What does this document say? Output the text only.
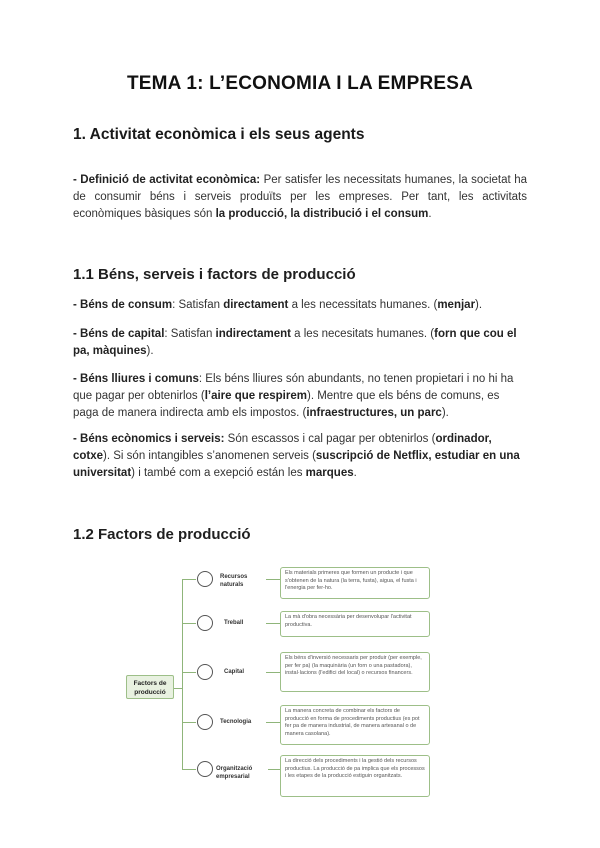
TEMA 1: L’ECONOMIA I LA EMPRESA
1. Activitat econòmica i els seus agents
- Definició de activitat econòmica: Per satisfer les necessitats humanes, la societat ha de consumir béns i serveis produïts per les empreses. Per tant, les activitats econòmiques bàsiques són la producció, la distribució i el consum.
1.1 Béns, serveis i factors de producció
- Béns de consum: Satisfan directament a les necessitats humanes. (menjar).
- Béns de capital: Satisfan indirectament a les necesitats humanes. (forn que cou el pa, màquines).
- Béns lliures i comuns: Els béns lliures són abundants, no tenen propietari i no hi ha que pagar per obtenirlos (l’aire que respirem). Mentre que els béns de comuns, es paga de manera indirecta amb els impostos. (infraestructures, un parc).
- Béns ecònomics i serveis: Són escassos i cal pagar per obtenirlos (ordinador, cotxe). Si són intangibles s’anomenen serveis (suscripció de Netflix, estudiar en una universitat) i també com a exepció están les marques.
1.2 Factors de producció
Factors de producció
Recursos naturals
Els materials primeres que formen un producte i que s'obtenen de la natura (la terra, fusta), aigua, el fusta i l'energia per fer-ho.
Treball
La mà d'obra necessària per desenvolupar l'activitat productiva.
Capital
Els béns d'inversió necessaris per produir (per exemple, per fer pa) (la maquinària (un forn o una pastadora), instal·lacions (l'edifici del local) o recursos financers.
Tecnologia
La manera concreta de combinar els factors de producció en forma de procediments productius (es pot fer pa de manera industrial, de manera artesanal o de manera casolana).
Organització empresarial
La direcció dels procediments i la gestió dels recursos productius. La producció de pa implica que els processos i les etapes de la producció estiguin organitzats.
